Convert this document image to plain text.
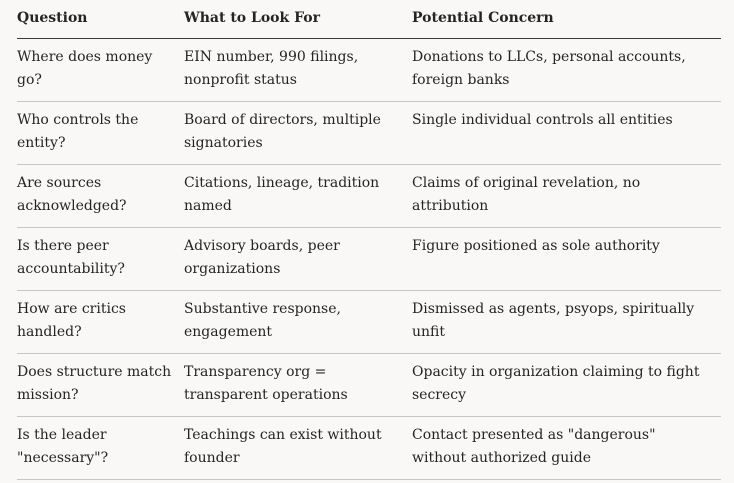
Question	What to Look For	Potential Concern
Where does money go?
EIN number, 990 filings, nonprofit status
Donations to LLCs, personal accounts, foreign banks
Who controls the entity?
Board of directors, multiple signatories
Single individual controls all entities
Are sources acknowledged?
Citations, lineage, tradition named
Claims of original revelation, no attribution
Is there peer accountability?
Advisory boards, peer organizations
Figure positioned as sole authority
How are critics handled?
Substantive response, engagement
Dismissed as agents, psyops, spiritually unfit
Does structure match mission?
Transparency org = transparent operations
Opacity in organization claiming to fight secrecy
Is the leader "necessary"?
Teachings can exist without founder
Contact presented as "dangerous" without authorized guide
